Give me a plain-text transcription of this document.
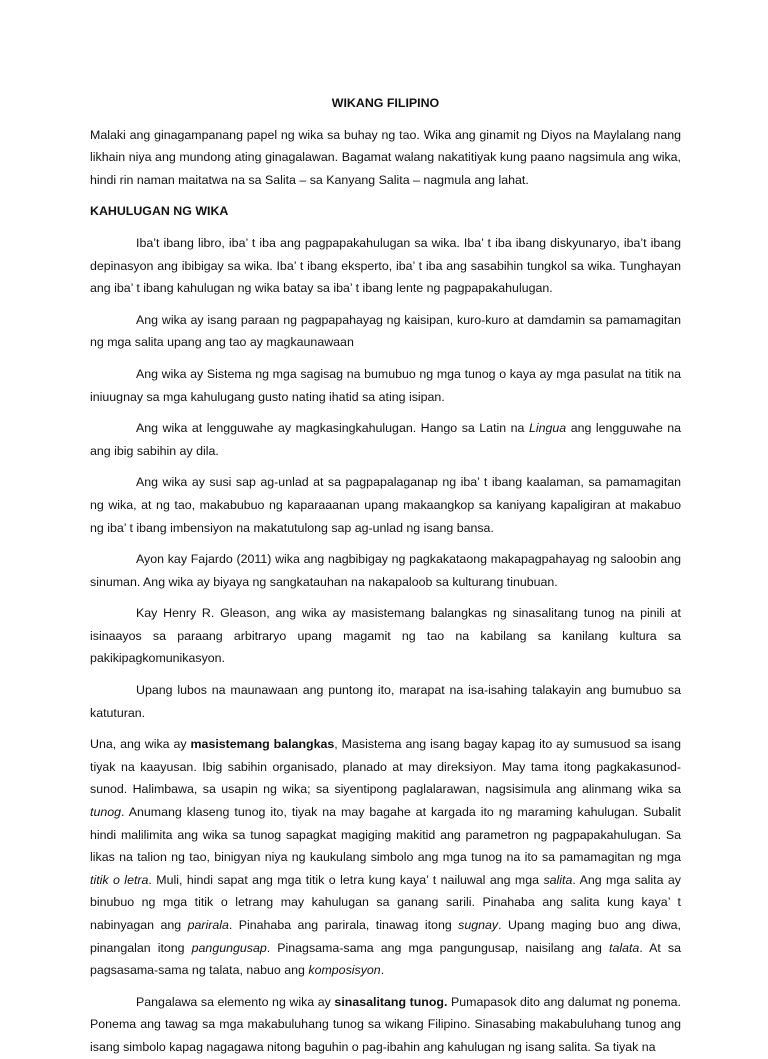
WIKANG FILIPINO

Malaki ang ginagampanang papel ng wika sa buhay ng tao. Wika ang ginamit ng Diyos na Maylalang nang likhain niya ang mundong ating ginagalawan. Bagamat walang nakatitiyak kung paano nagsimula ang wika, hindi rin naman maitatwa na sa Salita – sa Kanyang Salita – nagmula ang lahat.

KAHULUGAN NG WIKA

Iba’t ibang libro, iba’ t iba ang pagpapakahulugan sa wika. Iba’ t iba ibang diskyunaryo, iba’t ibang depinasyon ang ibibigay sa wika. Iba’ t ibang eksperto, iba’ t iba ang sasabihin tungkol sa wika. Tunghayan ang iba’ t ibang kahulugan ng wika batay sa iba’ t ibang lente ng pagpapakahulugan.

Ang wika ay isang paraan ng pagpapahayag ng kaisipan, kuro-kuro at damdamin sa pamamagitan ng mga salita upang ang tao ay magkaunawaan

Ang wika ay Sistema ng mga sagisag na bumubuo ng mga tunog o kaya ay mga pasulat na titik na iniuugnay sa mga kahulugang gusto nating ihatid sa ating isipan.

Ang wika at lengguwahe ay magkasingkahulugan. Hango sa Latin na Lingua ang lengguwahe na ang ibig sabihin ay dila.

Ang wika ay susi sap ag-unlad at sa pagpapalaganap ng iba’ t ibang kaalaman, sa pamamagitan ng wika, at ng tao, makabubuo ng kaparaaanan upang makaangkop sa kaniyang kapaligiran at makabuo ng iba’ t ibang imbensiyon na makatutulong sap ag-unlad ng isang bansa.

Ayon kay Fajardo (2011) wika ang nagbibigay ng pagkakataong makapagpahayag ng saloobin ang sinuman. Ang wika ay biyaya ng sangkatauhan na nakapaloob sa kulturang tinubuan.

Kay Henry R. Gleason, ang wika ay masistemang balangkas ng sinasalitang tunog na pinili at isinaayos sa paraang arbitraryo upang magamit ng tao na kabilang sa kanilang kultura sa pakikipagkomunikasyon.

Upang lubos na maunawaan ang puntong ito, marapat na isa-isahing talakayin ang bumubuo sa katuturan.

Una, ang wika ay masistemang balangkas, Masistema ang isang bagay kapag ito ay sumusuod sa isang tiyak na kaayusan. Ibig sabihin organisado, planado at may direksiyon. May tama itong pagkakasunod-sunod. Halimbawa, sa usapin ng wika; sa siyentipong paglalarawan, nagsisimula ang alinmang wika sa tunog. Anumang klaseng tunog ito, tiyak na may bagahe at kargada ito ng maraming kahulugan. Subalit hindi malilimita ang wika sa tunog sapagkat magiging makitid ang parametron ng pagpapakahulugan. Sa likas na talion ng tao, binigyan niya ng kaukulang simbolo ang mga tunog na ito sa pamamagitan ng mga titik o letra. Muli, hindi sapat ang mga titik o letra kung kaya’ t nailuwal ang mga salita. Ang mga salita ay binubuo ng mga titik o letrang may kahulugan sa ganang sarili. Pinahaba ang salita kung kaya’ t nabinyagan ang parirala. Pinahaba ang parirala, tinawag itong sugnay. Upang maging buo ang diwa, pinangalan itong pangungusap. Pinagsama-sama ang mga pangungusap, naisilang ang talata. At sa pagsasama-sama ng talata, nabuo ang komposisyon.

Pangalawa sa elemento ng wika ay sinasalitang tunog. Pumapasok dito ang dalumat ng ponema. Ponema ang tawag sa mga makabuluhang tunog sa wikang Filipino. Sinasabing makabuluhang tunog ang isang simbolo kapag nagagawa nitong baguhin o pag-ibahin ang kahulugan ng isang salita. Sa tiyak na
